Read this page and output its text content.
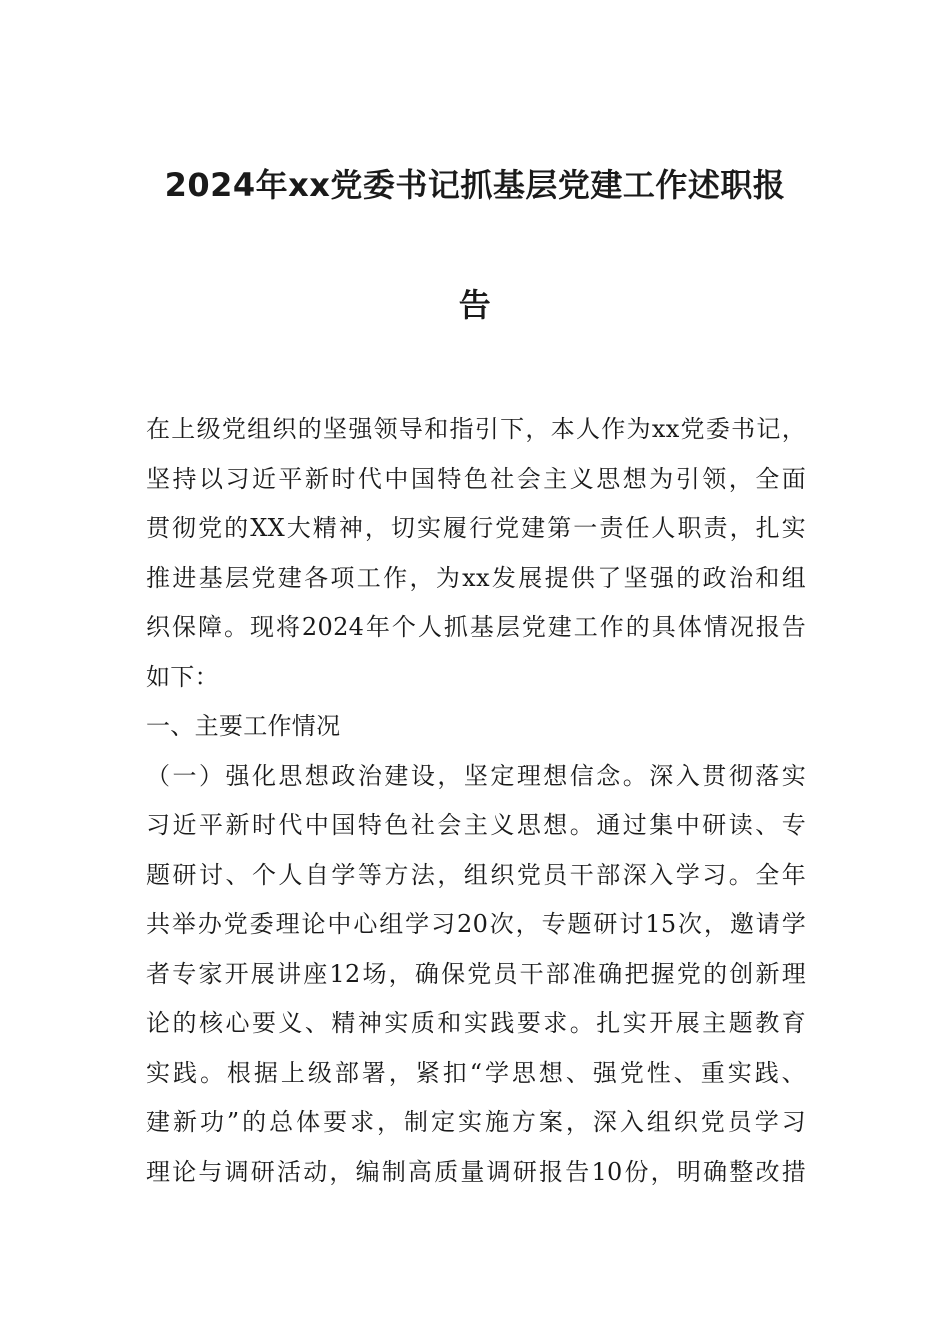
2024年xx党委书记抓基层党建工作述职报
告
在上级党组织的坚强领导和指引下，本人作为xx党委书记，
坚持以习近平新时代中国特色社会主义思想为引领，全面
贯彻党的XX大精神，切实履行党建第一责任人职责，扎实
推进基层党建各项工作，为xx发展提供了坚强的政治和组
织保障。现将2024年个人抓基层党建工作的具体情况报告
如下：
一、主要工作情况
（一）强化思想政治建设，坚定理想信念。深入贯彻落实
习近平新时代中国特色社会主义思想。通过集中研读、专
题研讨、个人自学等方法，组织党员干部深入学习。全年
共举办党委理论中心组学习20次，专题研讨15次，邀请学
者专家开展讲座12场，确保党员干部准确把握党的创新理
论的核心要义、精神实质和实践要求。扎实开展主题教育
实践。根据上级部署，紧扣“学思想、强党性、重实践、
建新功”的总体要求，制定实施方案，深入组织党员学习
理论与调研活动，编制高质量调研报告10份，明确整改措
